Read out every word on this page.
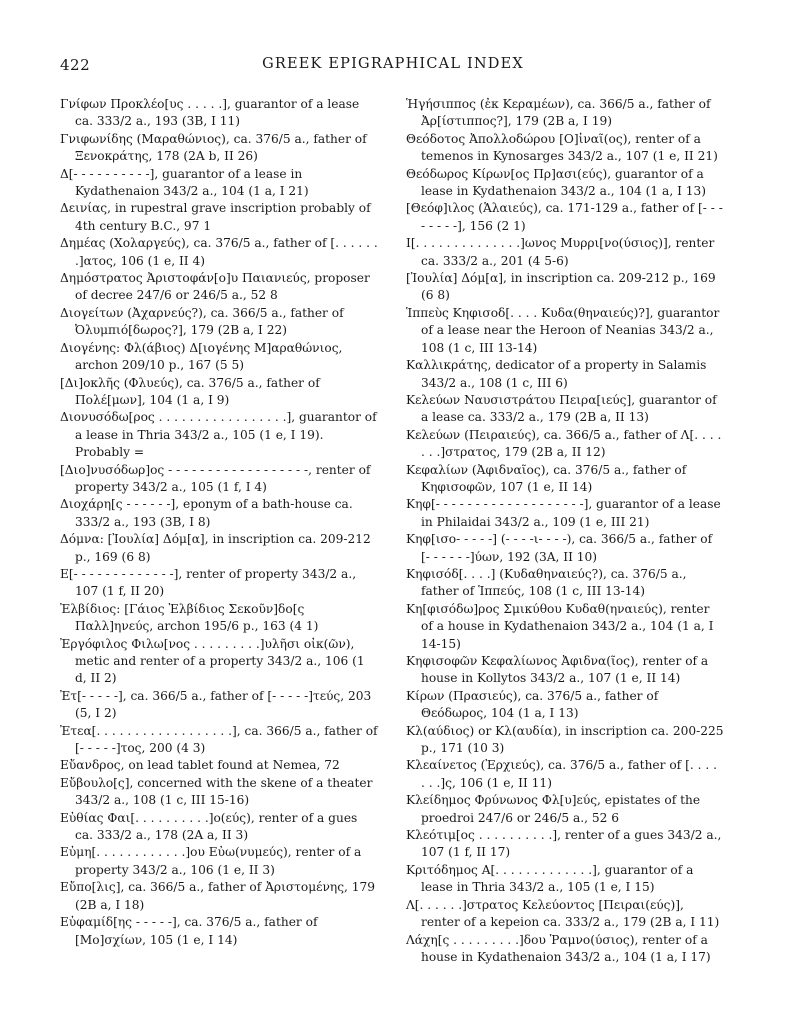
422	GREEK EPIGRAPHICAL INDEX

Γνίφων Προκλέο[υς . . . . .], guarantor of a lease ca. 333/2 a., 193 (3B, I 11)

Γνιφωνίδης (Μαραθώνιος), ca. 376/5 a., father of Ξενοκράτης, 178 (2A b, II 26)

Δ[- - - - - - - - - -], guarantor of a lease in Kydathenaion 343/2 a., 104 (1 a, I 21)

Δεινίας, in rupestral grave inscription probably of 4th century B.C., 97 1

Δημέας (Χολαργεύς), ca. 376/5 a., father of [. . . . . . .]ατος, 106 (1 e, II 4)

Δημόστρατος Ἀριστοφάν[ο]υ Παιανιεύς, proposer of decree 247/6 or 246/5 a., 52 8

Διογείτων (Ἀχαρνεύς?), ca. 366/5 a., father of Ὀλυμπιό[δωρος?], 179 (2B a, I 22)

Διογένης: Φλ(άβιος) Δ[ιογένης Μ]αραθώνιος, archon 209/10 p., 167 (5 5)

[Δι]οκλῆς (Φλυεύς), ca. 376/5 a., father of Πολέ[μων], 104 (1 a, I 9)

Διονυσόδω[ρος . . . . . . . . . . . . . . . . .], guarantor of a lease in Thria 343/2 a., 105 (1 e, I 19). Probably =

[Διο]νυσόδωρ]ος - - - - - - - - - - - - - - - - - -, renter of property 343/2 a., 105 (1 f, I 4)

Διοχάρη[ς - - - - - -], eponym of a bath-house ca. 333/2 a., 193 (3B, I 8)

Δόμνα: [Ἰουλία] Δόμ[α], in inscription ca. 209-212 p., 169 (6 8)

Ε[- - - - - - - - - - - - -], renter of property 343/2 a., 107 (1 f, II 20)

Ἐλβίδιος: [Γάιος Ἐλβίδιος Σεκοῦν]δο[ς Παλλ]ηνεύς, archon 195/6 p., 163 (4 1)

Ἐργόφιλος Φιλω[νος . . . . . . . . .]υλῆσι οἰκ(ῶν), metic and renter of a property 343/2 a., 106 (1 d, II 2)

Ἐτ[- - - - -], ca. 366/5 a., father of [- - - - -]τεύς, 203 (5, I 2)

Ἐτεα[. . . . . . . . . . . . . . . . . .], ca. 366/5 a., father of [- - - - -]τος, 200 (4 3)

Εὔανδρος, on lead tablet found at Nemea, 72

Εὔβουλο[ς], concerned with the skene of a theater 343/2 a., 108 (1 c, III 15-16)

Εὐθίας Φαι[. . . . . . . . . .]ο(εύς), renter of a gues ca. 333/2 a., 178 (2A a, II 3)

Εὐμη[. . . . . . . . . . . .]ου Εὐω(νυμεύς), renter of a property 343/2 a., 106 (1 e, II 3)

Εὔπο[λις], ca. 366/5 a., father of Ἀριστομένης, 179 (2B a, I 18)

Εὐφαμίδ[ης - - - - -], ca. 376/5 a., father of [Μο]σχίων, 105 (1 e, I 14)

Ἡγήσιππος (ἐκ Κεραμέων), ca. 366/5 a., father of Ἀρ[ίστιππος?], 179 (2B a, I 19)

Θεόδοτος Ἀπολλοδώρου [Ο]ἰναῖ(ος), renter of a temenos in Kynosarges 343/2 a., 107 (1 e, II 21)

Θεόδωρος Κίρων[ος Πρ]ασι(εύς), guarantor of a lease in Kydathenaion 343/2 a., 104 (1 a, I 13)

[Θεόφ]ιλος (Ἁλαιεύς), ca. 171-129 a., father of [- - - - - - - -], 156 (2 1)

Ι[. . . . . . . . . . . . . .]ωνος Μυρρι[νο(ύσιος)], renter ca. 333/2 a., 201 (4 5-6)

[Ἰουλία] Δόμ[α], in inscription ca. 209-212 p., 169 (6 8)

Ἱππεὺς Κηφισοδ[. . . . Κυδα(θηναιεύς)?], guarantor of a lease near the Heroon of Neanias 343/2 a., 108 (1 c, III 13-14)

Καλλικράτης, dedicator of a property in Salamis 343/2 a., 108 (1 c, III 6)

Κελεύων Ναυσιστράτου Πειρα[ιεύς], guarantor of a lease ca. 333/2 a., 179 (2B a, II 13)

Κελεύων (Πειραιεύς), ca. 366/5 a., father of Λ[. . . . . . .]στρατος, 179 (2B a, II 12)

Κεφαλίων (Ἀφιδναῖος), ca. 376/5 a., father of Κηφισοφῶν, 107 (1 e, II 14)

Κηφ[- - - - - - - - - - - - - - - - - - -], guarantor of a lease in Philaidai 343/2 a., 109 (1 e, III 21)

Κηφ[ισο- - - - -] (- - - -ι- - - -), ca. 366/5 a., father of [- - - - - -]ύων, 192 (3A, II 10)

Κηφισόδ[. . . .] (Κυδαθηναιεύς?), ca. 376/5 a., father of Ἱππεύς, 108 (1 c, III 13-14)

Κη[φισόδω]ρος Σμικύθου Κυδαθ(ηναιεύς), renter of a house in Kydathenaion 343/2 a., 104 (1 a, I 14-15)

Κηφισοφῶν Κεφαλίωνος Ἀφιδνα(ῖος), renter of a house in Kollytos 343/2 a., 107 (1 e, II 14)

Κίρων (Πρασιεύς), ca. 376/5 a., father of Θεόδωρος, 104 (1 a, I 13)

Κλ(αύδιος) or Κλ(αυδία), in inscription ca. 200-225 p., 171 (10 3)

Κλεαίνετος (Ἐρχιεύς), ca. 376/5 a., father of [. . . . . . .]ς, 106 (1 e, II 11)

Κλείδημος Φρύνωνος Φλ[υ]εύς, epistates of the proedroi 247/6 or 246/5 a., 52 6

Κλεότιμ[ος . . . . . . . . . .], renter of a gues 343/2 a., 107 (1 f, II 17)

Κριτόδημος Α[. . . . . . . . . . . . .], guarantor of a lease in Thria 343/2 a., 105 (1 e, I 15)

Λ[. . . . . .]στρατος Κελεύοντος [Πειραι(εύς)], renter of a kepeion ca. 333/2 a., 179 (2B a, I 11)

Λάχη[ς . . . . . . . . .]δου Ῥαμνο(ύσιος), renter of a house in Kydathenaion 343/2 a., 104 (1 a, I 17)
